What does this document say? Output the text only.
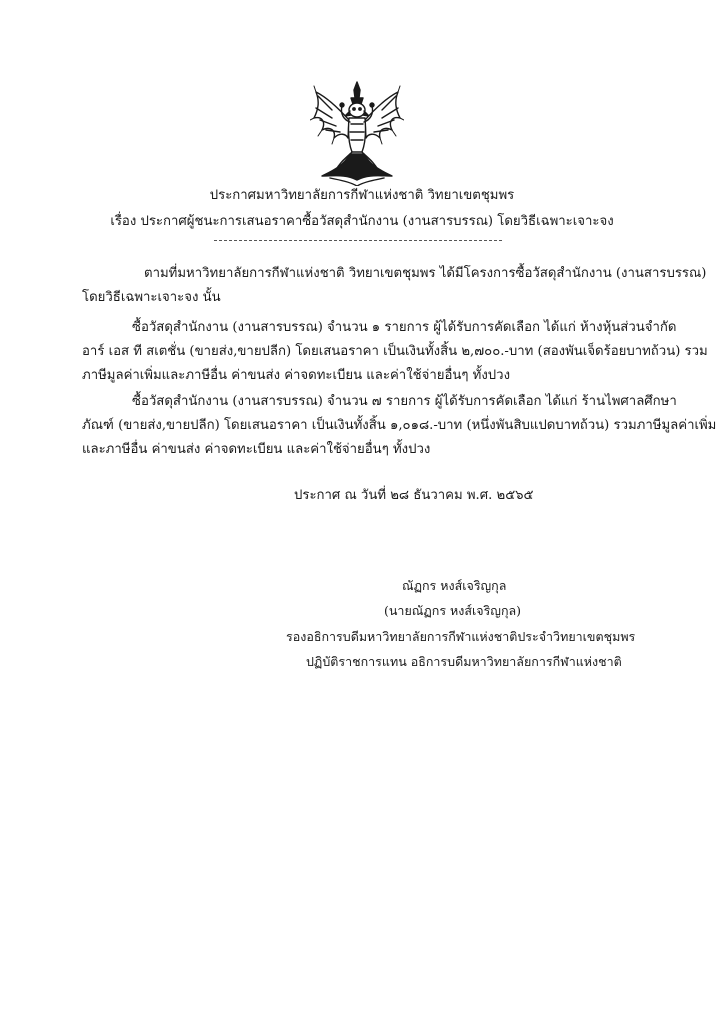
ประกาศมหาวิทยาลัยการกีฬาแห่งชาติ วิทยาเขตชุมพร
เรื่อง ประกาศผู้ชนะการเสนอราคาซื้อวัสดุสำนักงาน (งานสารบรรณ) โดยวิธีเฉพาะเจาะจง
ตามที่มหาวิทยาลัยการกีฬาแห่งชาติ วิทยาเขตชุมพร ได้มีโครงการซื้อวัสดุสำนักงาน (งานสารบรรณ)
โดยวิธีเฉพาะเจาะจง นั้น
ซื้อวัสดุสำนักงาน (งานสารบรรณ) จำนวน ๑ รายการ ผู้ได้รับการคัดเลือก ได้แก่ ห้างหุ้นส่วนจำกัด
อาร์ เอส ที สเตชั่น (ขายส่ง,ขายปลีก) โดยเสนอราคา เป็นเงินทั้งสิ้น ๒,๗๐๐.-บาท (สองพันเจ็ดร้อยบาทถ้วน) รวม
ภาษีมูลค่าเพิ่มและภาษีอื่น ค่าขนส่ง ค่าจดทะเบียน และค่าใช้จ่ายอื่นๆ ทั้งปวง
ซื้อวัสดุสำนักงาน (งานสารบรรณ) จำนวน ๗ รายการ ผู้ได้รับการคัดเลือก ได้แก่ ร้านไพศาลศึกษา
ภัณฑ์ (ขายส่ง,ขายปลีก) โดยเสนอราคา เป็นเงินทั้งสิ้น ๑,๐๑๘.-บาท (หนึ่งพันสิบแปดบาทถ้วน) รวมภาษีมูลค่าเพิ่ม
และภาษีอื่น ค่าขนส่ง ค่าจดทะเบียน และค่าใช้จ่ายอื่นๆ ทั้งปวง
ประกาศ ณ วันที่ ๒๘ ธันวาคม พ.ศ. ๒๕๖๕
ณัฏกร หงส์เจริญกุล
(นายณัฏกร หงส์เจริญกุล)
รองอธิการบดีมหาวิทยาลัยการกีฬาแห่งชาติประจำวิทยาเขตชุมพร
ปฏิบัติราชการแทน อธิการบดีมหาวิทยาลัยการกีฬาแห่งชาติ
